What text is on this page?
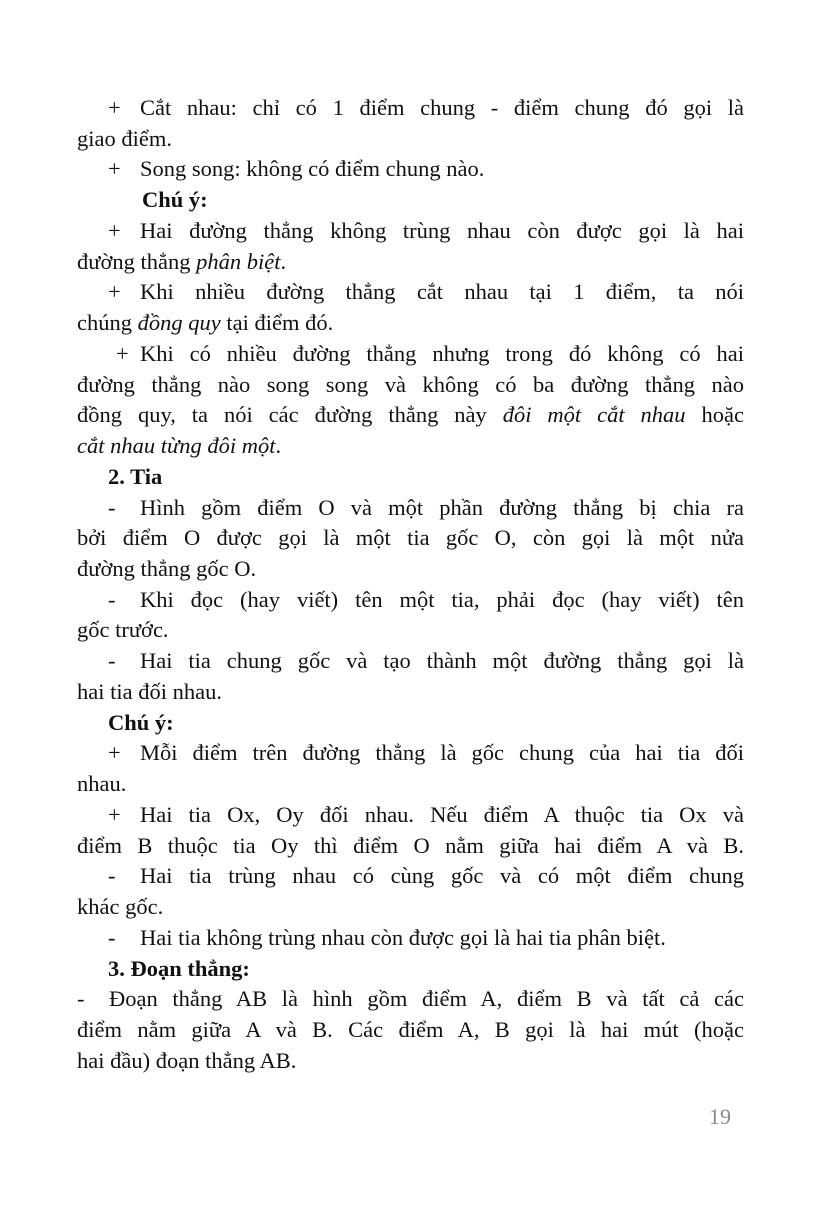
+ Cắt nhau: chỉ có 1 điểm chung - điểm chung đó gọi là
giao điểm.
+ Song song: không có điểm chung nào.
Chú ý:
+ Hai đường thẳng không trùng nhau còn được gọi là hai
đường thẳng phân biệt.
+ Khi nhiều đường thẳng cắt nhau tại 1 điểm, ta nói
chúng đồng quy tại điểm đó.
+ Khi có nhiều đường thẳng nhưng trong đó không có hai
đường thẳng nào song song và không có ba đường thẳng nào
đồng quy, ta nói các đường thẳng này đôi một cắt nhau hoặc
cắt nhau từng đôi một.
2. Tia
- Hình gồm điểm O và một phần đường thẳng bị chia ra
bởi điểm O được gọi là một tia gốc O, còn gọi là một nửa
đường thẳng gốc O.
- Khi đọc (hay viết) tên một tia, phải đọc (hay viết) tên
gốc trước.
- Hai tia chung gốc và tạo thành một đường thẳng gọi là
hai tia đối nhau.
Chú ý:
+ Mỗi điểm trên đường thẳng là gốc chung của hai tia đối
nhau.
+ Hai tia Ox, Oy đối nhau. Nếu điểm A thuộc tia Ox và
điểm B thuộc tia Oy thì điểm O nằm giữa hai điểm A và B.
- Hai tia trùng nhau có cùng gốc và có một điểm chung
khác gốc.
- Hai tia không trùng nhau còn được gọi là hai tia phân biệt.
3. Đoạn thẳng:
- Đoạn thẳng AB là hình gồm điểm A, điểm B và tất cả các
điểm nằm giữa A và B. Các điểm A, B gọi là hai mút (hoặc
hai đầu) đoạn thẳng AB.
19
